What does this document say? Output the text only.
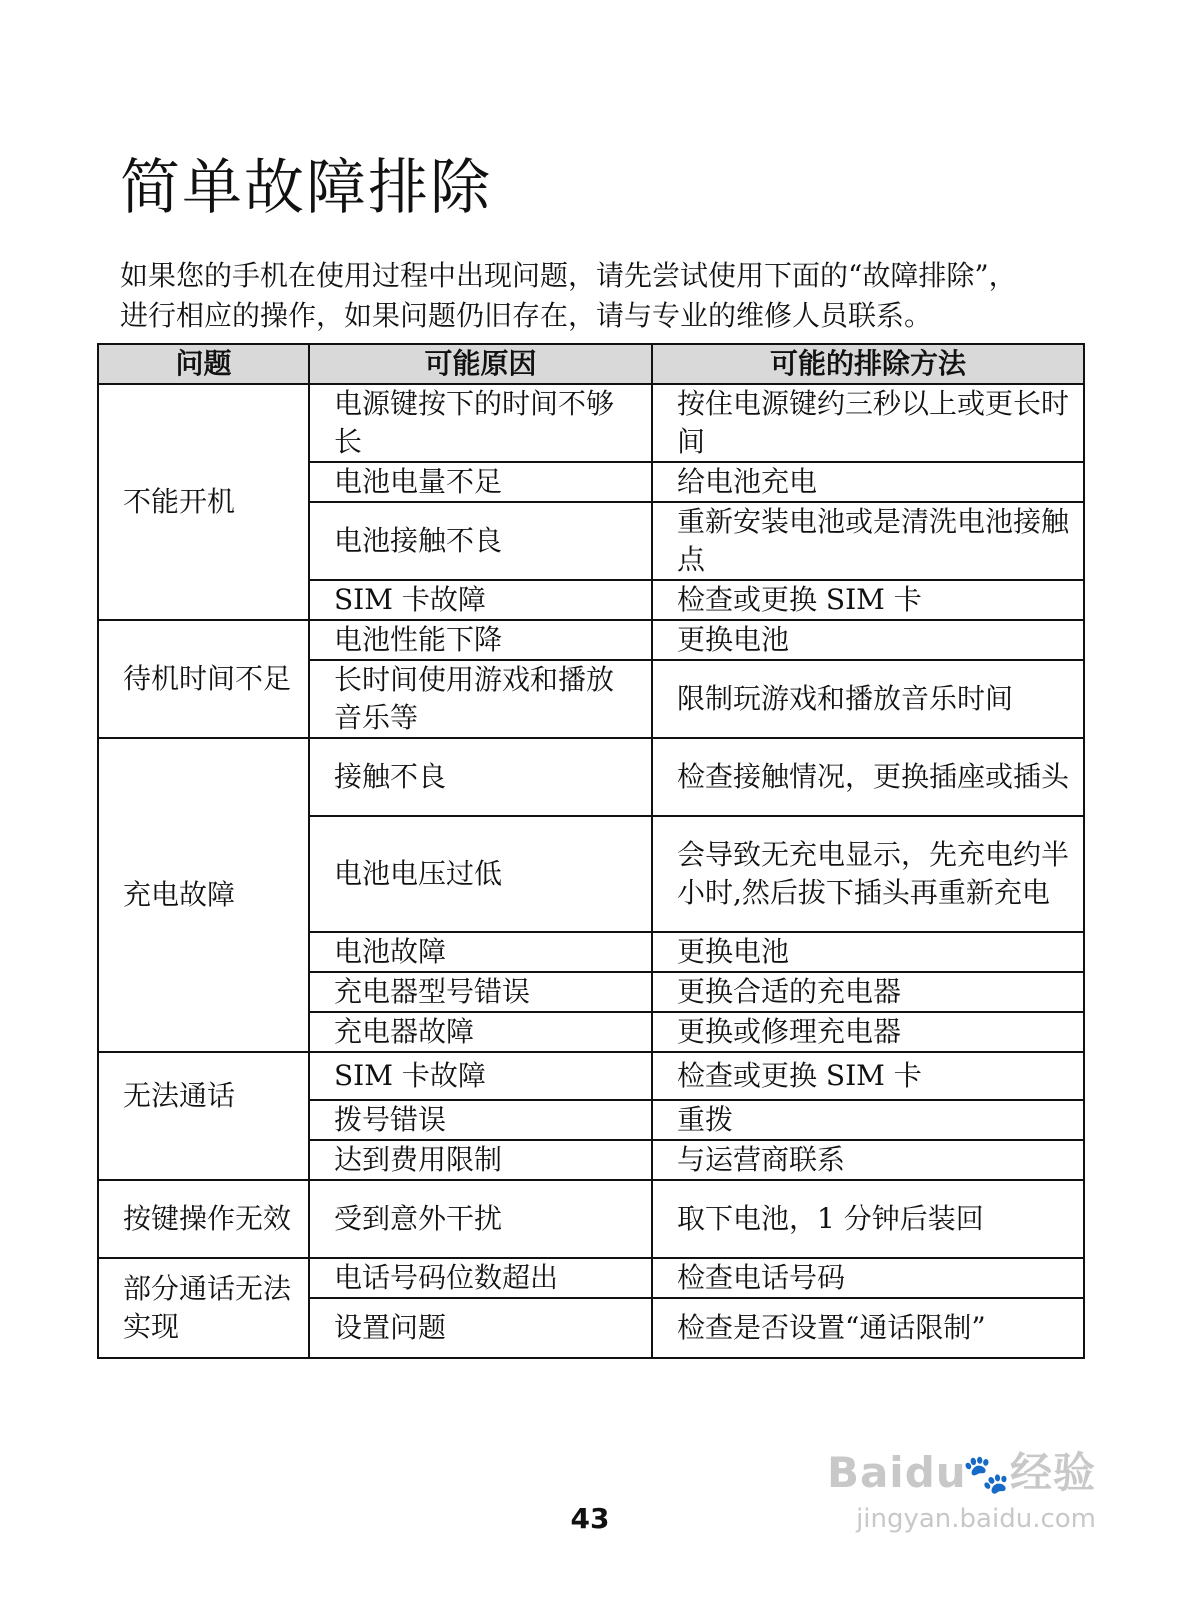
简单故障排除

如果您的手机在使用过程中出现问题，请先尝试使用下面的“故障排除”，

进行相应的操作，如果问题仍旧存在，请与专业的维修人员联系。

问题	可能原因	可能的排除方法
不能开机	电源键按下的时间不够长	按住电源键约三秒以上或更长时间
	电池电量不足	给电池充电
	电池接触不良	重新安装电池或是清洗电池接触点
	SIM 卡故障	检查或更换 SIM 卡
待机时间不足	电池性能下降	更换电池
	长时间使用游戏和播放音乐等	限制玩游戏和播放音乐时间
充电故障	接触不良	检查接触情况，更换插座或插头
	电池电压过低	会导致无充电显示，先充电约半小时,然后拔下插头再重新充电
	电池故障	更换电池
	充电器型号错误	更换合适的充电器
	充电器故障	更换或修理充电器
无法通话	SIM 卡故障	检查或更换 SIM 卡
	拨号错误	重拨
	达到费用限制	与运营商联系
按键操作无效	受到意外干扰	取下电池，1 分钟后装回
部分通话无法实现	电话号码位数超出	检查电话号码
	设置问题	检查是否设置“通话限制”
43
Baidu🐾经验
jingyan.baidu.com
